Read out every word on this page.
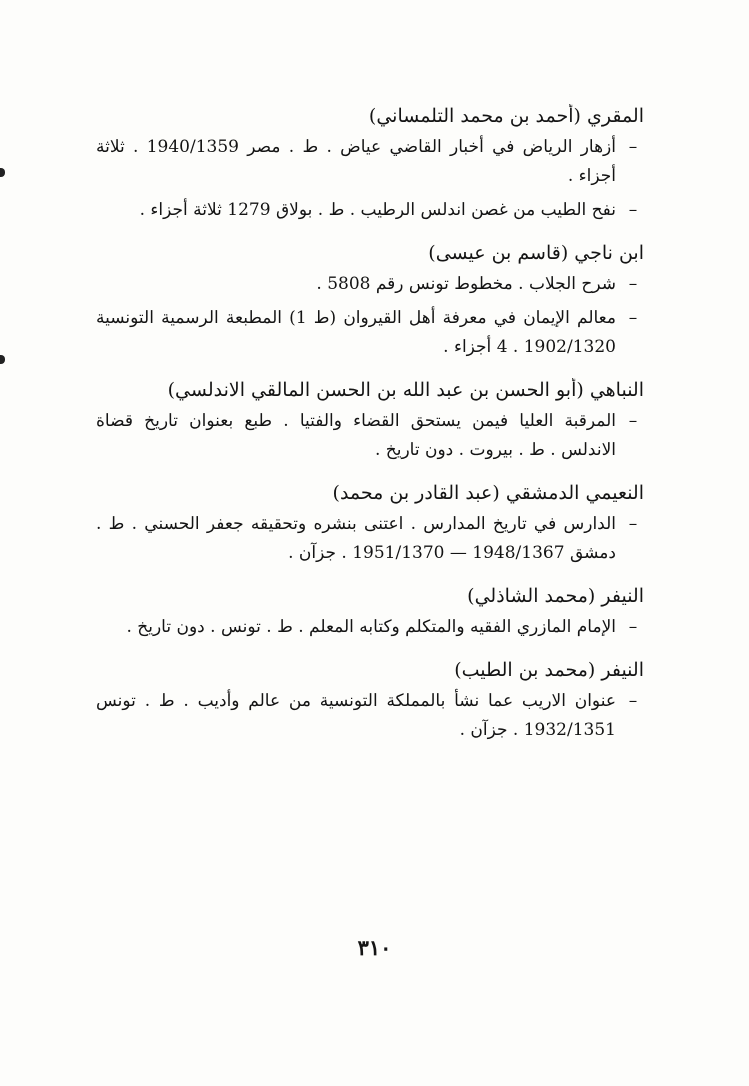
المقري (أحمد بن محمد التلمساني)
–
أزهار الرياض في أخبار القاضي عياض . ط . مصر 1940/1359 . ثلاثة أجزاء .
–
نفح الطيب من غصن اندلس الرطيب . ط . بولاق 1279 ثلاثة أجزاء .
ابن ناجي (قاسم بن عيسى)
–
شرح الجلاب . مخطوط تونس رقم 5808 .
–
معالم الإيمان في معرفة أهل القيروان (ط 1) المطبعة الرسمية التونسية 1902/1320 . 4 أجزاء .
النباهي (أبو الحسن بن عبد الله بن الحسن المالقي الاندلسي)
–
المرقبة العليا فيمن يستحق القضاء والفتيا . طبع بعنوان تاريخ قضاة الاندلس . ط . بيروت . دون تاريخ .
النعيمي الدمشقي (عبد القادر بن محمد)
–
الدارس في تاريخ المدارس . اعتنى بنشره وتحقيقه جعفر الحسني . ط . دمشق 1948/1367 — 1951/1370 . جزآن .
النيفر (محمد الشاذلي)
–
الإمام المازري الفقيه والمتكلم وكتابه المعلم . ط . تونس . دون تاريخ .
النيفر (محمد بن الطيب)
–
عنوان الاريب عما نشأ بالمملكة التونسية من عالم وأديب . ط . تونس 1932/1351 . جزآن .
٣١٠
